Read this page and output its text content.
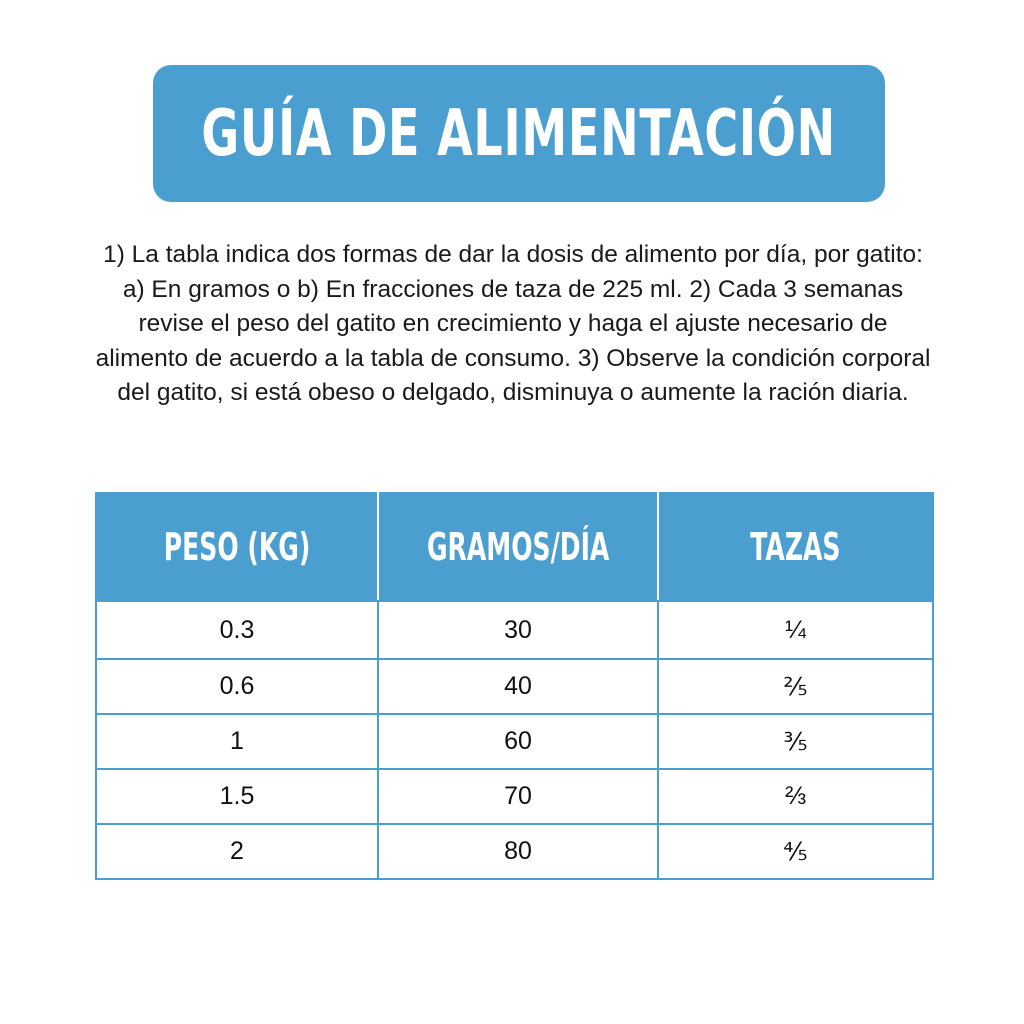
GUÍA DE ALIMENTACIÓN

1) La tabla indica dos formas de dar la dosis de alimento por día, por gatito: a) En gramos o b) En fracciones de taza de 225 ml. 2) Cada 3 semanas revise el peso del gatito en crecimiento y haga el ajuste necesario de alimento de acuerdo a la tabla de consumo. 3) Observe la condición corporal del gatito, si está obeso o delgado, disminuya o aumente la ración diaria.

PESO (KG)	GRAMOS/DÍA	TAZAS
0.3	30	¼
0.6	40	⅖
1	60	⅗
1.5	70	⅔
2	80	⅘
